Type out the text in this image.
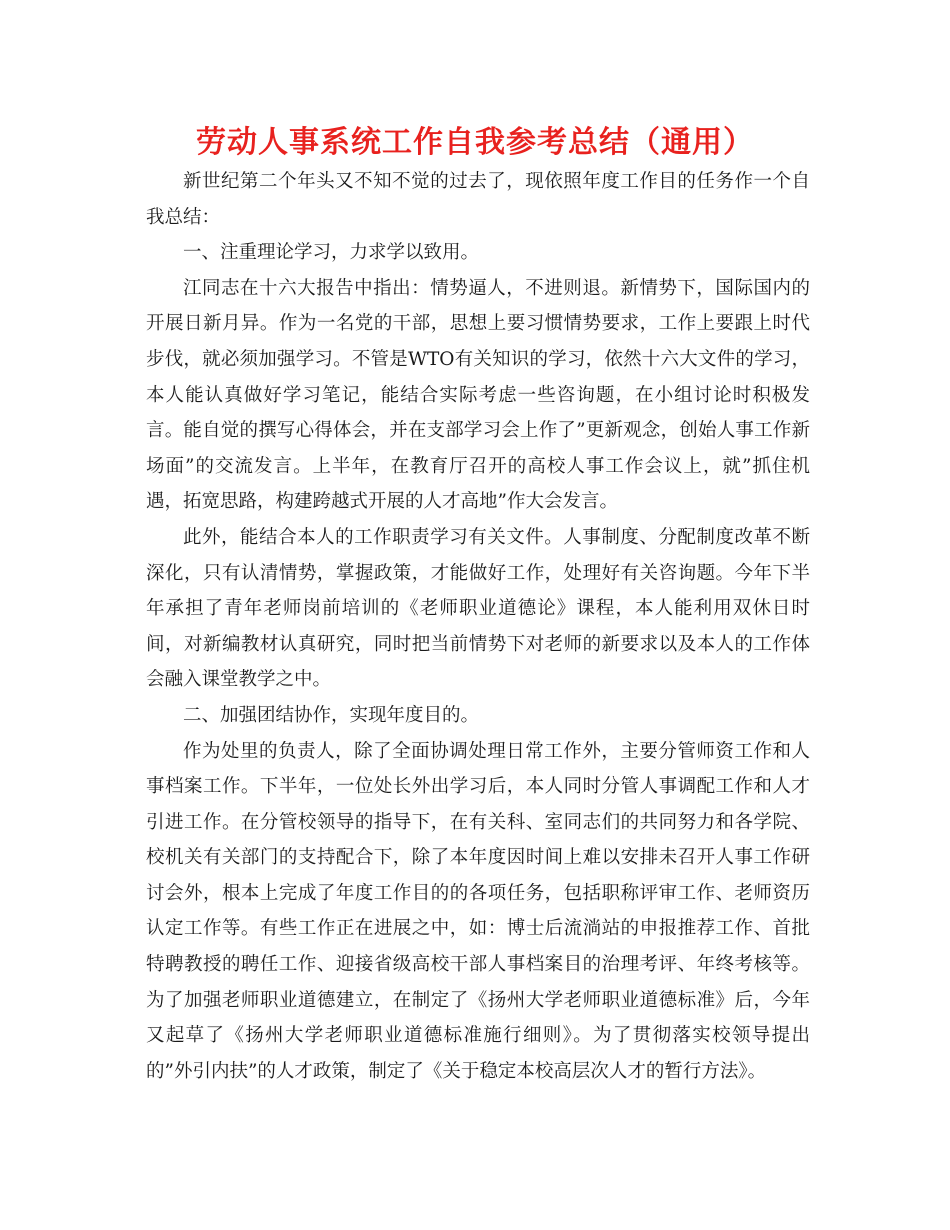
劳动人事系统工作自我参考总结（通用）

新世纪第二个年头又不知不觉的过去了，现依照年度工作目的任务作一个自我总结：

一、注重理论学习，力求学以致用。

江同志在十六大报告中指出：情势逼人，不进则退。新情势下，国际国内的开展日新月异。作为一名党的干部，思想上要习惯情势要求，工作上要跟上时代步伐，就必须加强学习。不管是WTO有关知识的学习，依然十六大文件的学习，本人能认真做好学习笔记，能结合实际考虑一些咨询题，在小组讨论时积极发言。能自觉的撰写心得体会，并在支部学习会上作了”更新观念，创始人事工作新场面”的交流发言。上半年，在教育厅召开的高校人事工作会议上，就”抓住机遇，拓宽思路，构建跨越式开展的人才高地”作大会发言。

此外，能结合本人的工作职责学习有关文件。人事制度、分配制度改革不断深化，只有认清情势，掌握政策，才能做好工作，处理好有关咨询题。今年下半年承担了青年老师岗前培训的《老师职业道德论》课程，本人能利用双休日时间，对新编教材认真研究，同时把当前情势下对老师的新要求以及本人的工作体会融入课堂教学之中。

二、加强团结协作，实现年度目的。

作为处里的负责人，除了全面协调处理日常工作外，主要分管师资工作和人事档案工作。下半年，一位处长外出学习后，本人同时分管人事调配工作和人才引进工作。在分管校领导的指导下，在有关科、室同志们的共同努力和各学院、校机关有关部门的支持配合下，除了本年度因时间上难以安排未召开人事工作研讨会外，根本上完成了年度工作目的的各项任务，包括职称评审工作、老师资历认定工作等。有些工作正在进展之中，如：博士后流淌站的申报推荐工作、首批特聘教授的聘任工作、迎接省级高校干部人事档案目的治理考评、年终考核等。为了加强老师职业道德建立，在制定了《扬州大学老师职业道德标准》后，今年又起草了《扬州大学老师职业道德标准施行细则》。为了贯彻落实校领导提出的”外引内扶”的人才政策，制定了《关于稳定本校高层次人才的暂行方法》。
